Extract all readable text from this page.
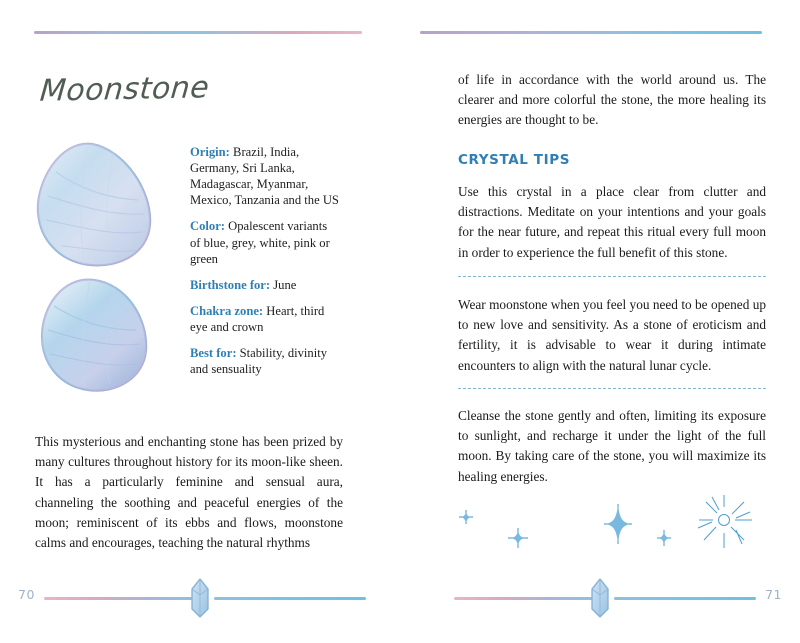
Moonstone
Origin: Brazil, India, Germany, Sri Lanka, Madagascar, Myanmar, Mexico, Tanzania and the US
Color: Opalescent variants of blue, grey, white, pink or green
Birthstone for: June
Chakra zone: Heart, third eye and crown
Best for: Stability, divinity and sensuality
This mysterious and enchanting stone has been prized by many cultures throughout history for its moon-like sheen. It has a particularly feminine and sensual aura, channeling the soothing and peaceful energies of the moon; reminiscent of its ebbs and flows, moonstone calms and encourages, teaching the natural rhythms
70
of life in accordance with the world around us. The clearer and more colorful the stone, the more healing its energies are thought to be.
CRYSTAL TIPS
Use this crystal in a place clear from clutter and distractions. Meditate on your intentions and your goals for the near future, and repeat this ritual every full moon in order to experience the full benefit of this stone.
Wear moonstone when you feel you need to be opened up to new love and sensitivity. As a stone of eroticism and fertility, it is advisable to wear it during intimate encounters to align with the natural lunar cycle.
Cleanse the stone gently and often, limiting its exposure to sunlight, and recharge it under the light of the full moon. By taking care of the stone, you will maximize its healing energies.
71
